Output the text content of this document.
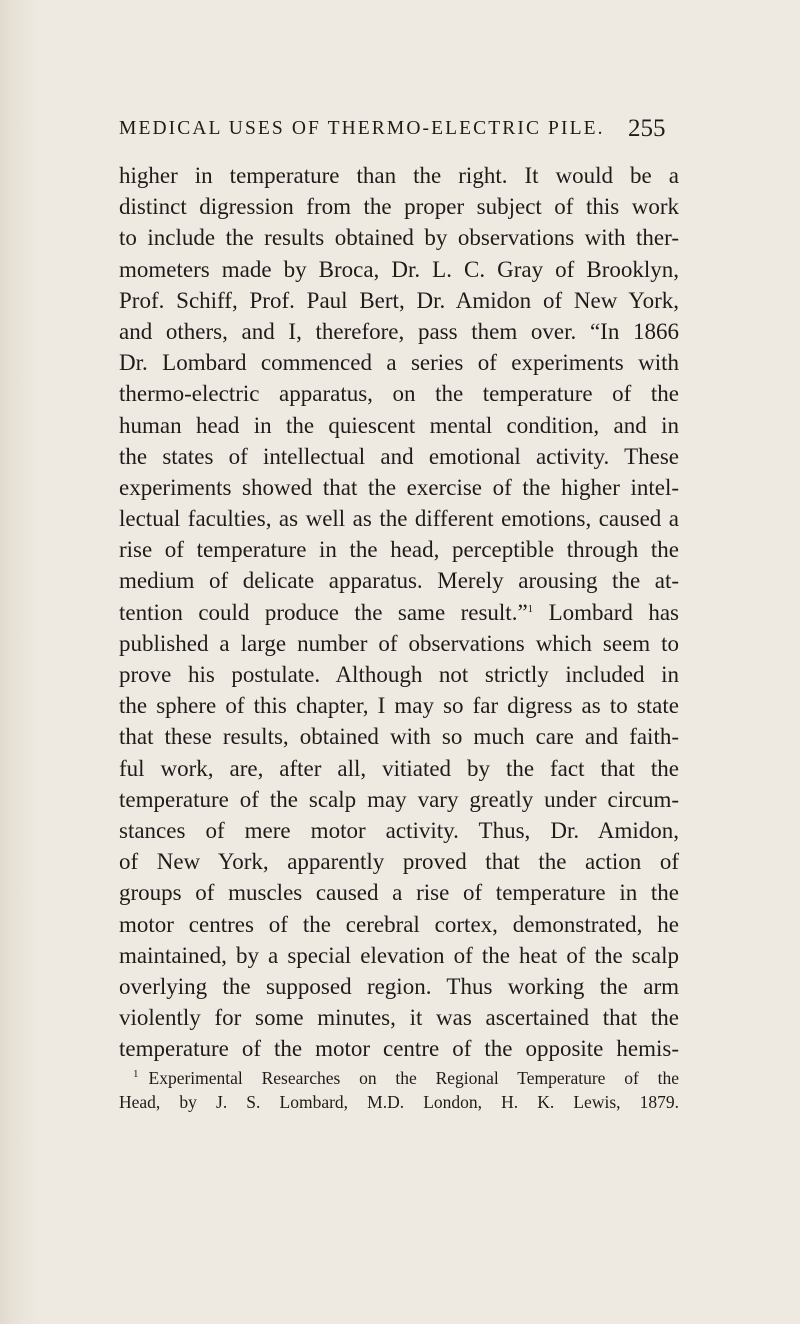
MEDICAL USES OF THERMO-ELECTRIC PILE. 255
higher in temperature than the right. It would be a
distinct digression from the proper subject of this work
to include the results obtained by observations with ther-
mometers made by Broca, Dr. L. C. Gray of Brooklyn,
Prof. Schiff, Prof. Paul Bert, Dr. Amidon of New York,
and others, and I, therefore, pass them over. “In 1866
Dr. Lombard commenced a series of experiments with
thermo-electric apparatus, on the temperature of the
human head in the quiescent mental condition, and in
the states of intellectual and emotional activity. These
experiments showed that the exercise of the higher intel-
lectual faculties, as well as the different emotions, caused a
rise of temperature in the head, perceptible through the
medium of delicate apparatus. Merely arousing the at-
tention could produce the same result.”$^1$ Lombard has
published a large number of observations which seem to
prove his postulate. Although not strictly included in
the sphere of this chapter, I may so far digress as to state
that these results, obtained with so much care and faith-
ful work, are, after all, vitiated by the fact that the
temperature of the scalp may vary greatly under circum-
stances of mere motor activity. Thus, Dr. Amidon,
of New York, apparently proved that the action of
groups of muscles caused a rise of temperature in the
motor centres of the cerebral cortex, demonstrated, he
maintained, by a special elevation of the heat of the scalp
overlying the supposed region. Thus working the arm
violently for some minutes, it was ascertained that the
temperature of the motor centre of the opposite hemis-
$^1$ Experimental Researches on the Regional Temperature of the
Head, by J. S. Lombard, M.D. London, H. K. Lewis, 1879.
